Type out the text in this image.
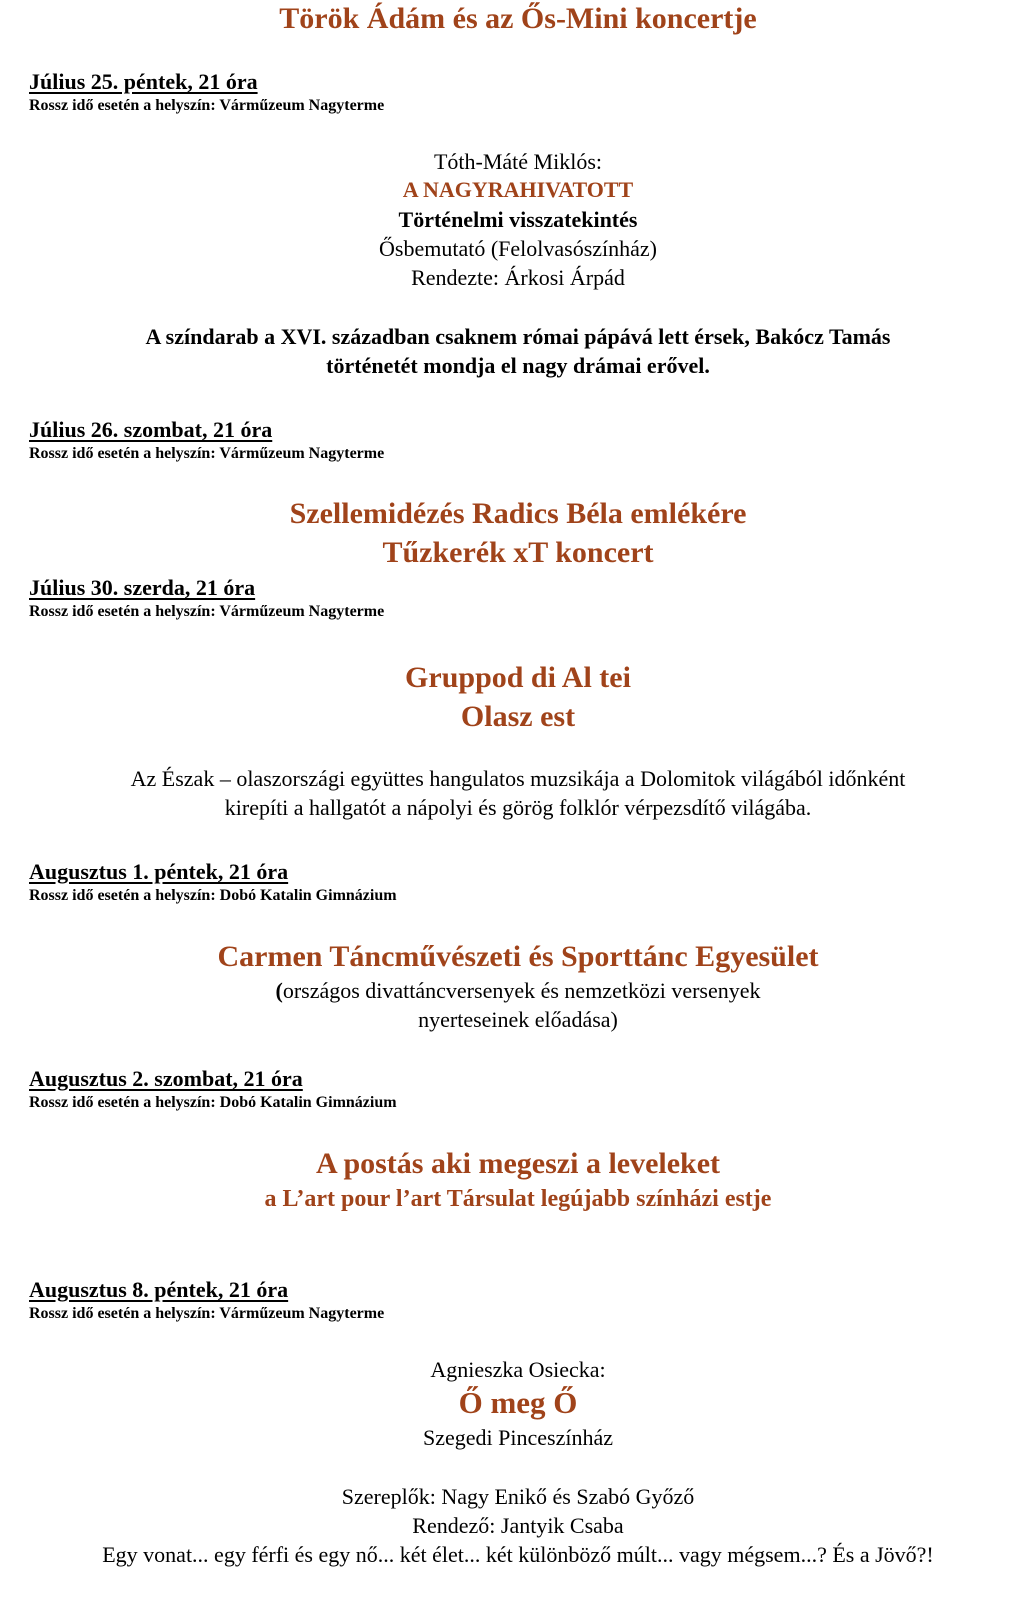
Török Ádám és az Ős-Mini koncertje
Július 25. péntek, 21 óra
Rossz idő esetén a helyszín: Várműzeum Nagyterme
Tóth-Máté Miklós:
A NAGYRAHIVATOTT
Történelmi visszatekintés
Ősbemutató (Felolvasószínház)
Rendezte: Árkosi Árpád
A színdarab a XVI. században csaknem római pápává lett érsek, Bakócz Tamás
történetét mondja el nagy drámai erővel.
Július 26. szombat, 21 óra
Rossz idő esetén a helyszín: Várműzeum Nagyterme
Szellemidézés Radics Béla emlékére
Tűzkerék xT koncert
Július 30. szerda, 21 óra
Rossz idő esetén a helyszín: Várműzeum Nagyterme
Gruppod di Al tei
Olasz est
Az Észak – olaszországi együttes hangulatos muzsikája a Dolomitok világából időnként
kirepíti a hallgatót a nápolyi és görög folklór vérpezsdítő világába.
Augusztus 1. péntek, 21 óra
Rossz idő esetén a helyszín: Dobó Katalin Gimnázium
Carmen Táncművészeti és Sporttánc Egyesület
(országos divattáncversenyek és nemzetközi versenyek
nyerteseinek előadása)
Augusztus 2. szombat, 21 óra
Rossz idő esetén a helyszín: Dobó Katalin Gimnázium
A postás aki megeszi a leveleket
a L’art pour l’art Társulat legújabb színházi estje
Augusztus 8. péntek, 21 óra
Rossz idő esetén a helyszín: Várműzeum Nagyterme
Agnieszka Osiecka:
Ő meg Ő
Szegedi Pinceszínház
Szereplők: Nagy Enikő és Szabó Győző
Rendező: Jantyik Csaba
Egy vonat... egy férfi és egy nő... két élet... két különböző múlt... vagy mégsem...? És a Jövő?!
